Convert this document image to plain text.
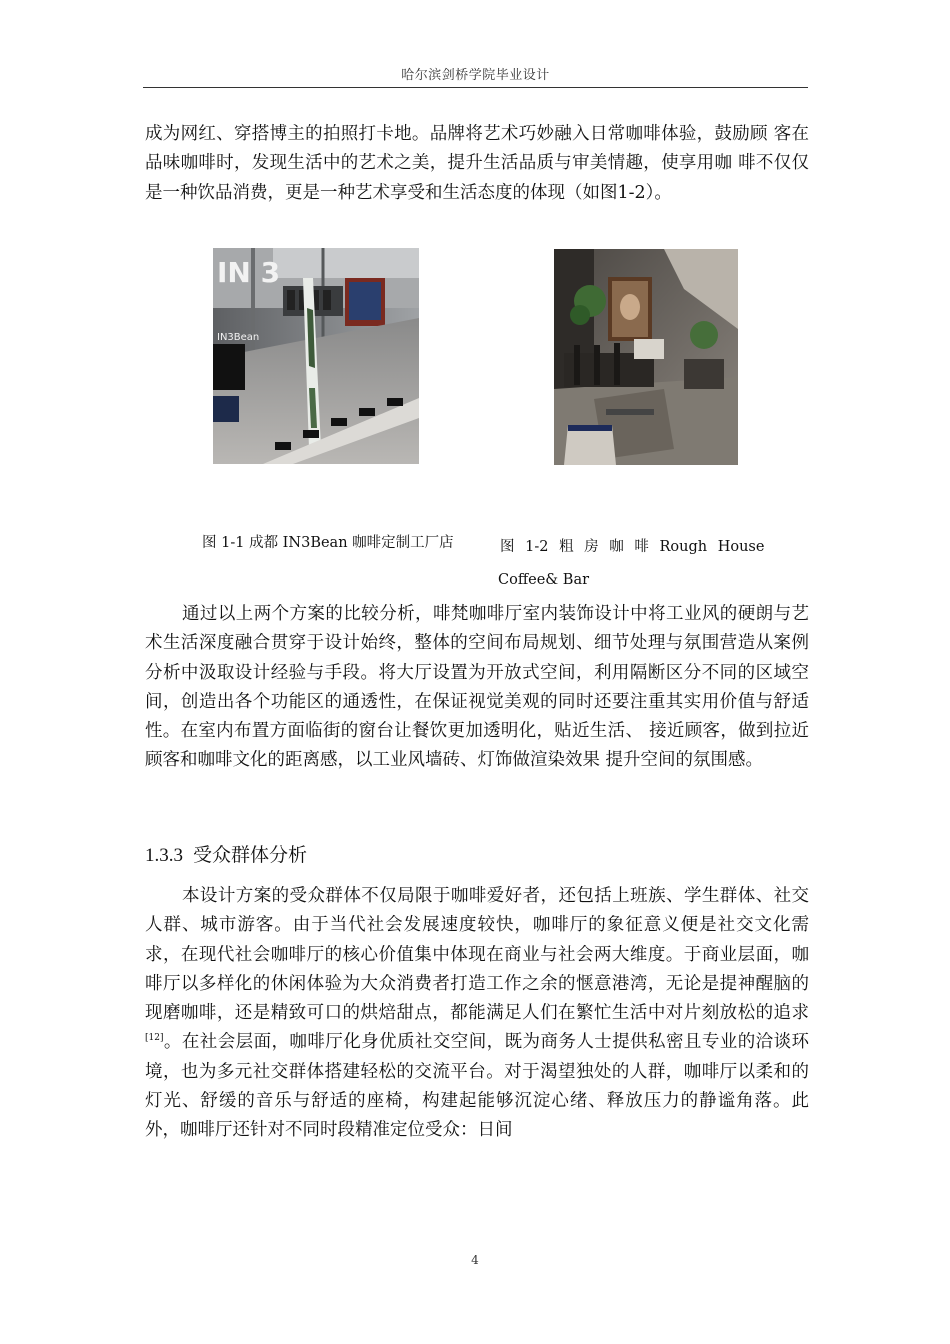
哈尔滨剑桥学院毕业设计

成为网红、穿搭博主的拍照打卡地。品牌将艺术巧妙融入日常咖啡体验，鼓励顾 客在品味咖啡时，发现生活中的艺术之美，提升生活品质与审美情趣，使享用咖 啡不仅仅是一种饮品消费，更是一种艺术享受和生活态度的体现（如图1-2）。

IN 3
IN3Bean
图 1-1 成都 IN3Bean 咖啡定制工厂店	图 1-2 粗 房 咖 啡 Rough House
Coffee& Bar

通过以上两个方案的比较分析，啡梵咖啡厅室内装饰设计中将工业风的硬朗与艺术生活深度融合贯穿于设计始终，整体的空间布局规划、细节处理与氛围营造从案例分析中汲取设计经验与手段。将大厅设置为开放式空间，利用隔断区分不同的区域空间，创造出各个功能区的通透性，在保证视觉美观的同时还要注重其实用价值与舒适性。在室内布置方面临街的窗台让餐饮更加透明化，贴近生活、 接近顾客，做到拉近顾客和咖啡文化的距离感，以工业风墙砖、灯饰做渲染效果 提升空间的氛围感。

1.3.3 受众群体分析

本设计方案的受众群体不仅局限于咖啡爱好者，还包括上班族、学生群体、社交人群、城市游客。由于当代社会发展速度较快，咖啡厅的象征意义便是社交文化需求，在现代社会咖啡厅的核心价值集中体现在商业与社会两大维度。于商业层面，咖啡厅以多样化的休闲体验为大众消费者打造工作之余的惬意港湾，无论是提神醒脑的现磨咖啡，还是精致可口的烘焙甜点，都能满足人们在繁忙生活中对片刻放松的追求[12]。在社会层面，咖啡厅化身优质社交空间，既为商务人士提供私密且专业的洽谈环境，也为多元社交群体搭建轻松的交流平台。对于渴望独处的人群，咖啡厅以柔和的灯光、舒缓的音乐与舒适的座椅，构建起能够沉淀心绪、释放压力的静谧角落。此外，咖啡厅还针对不同时段精准定位受众：日间

4
